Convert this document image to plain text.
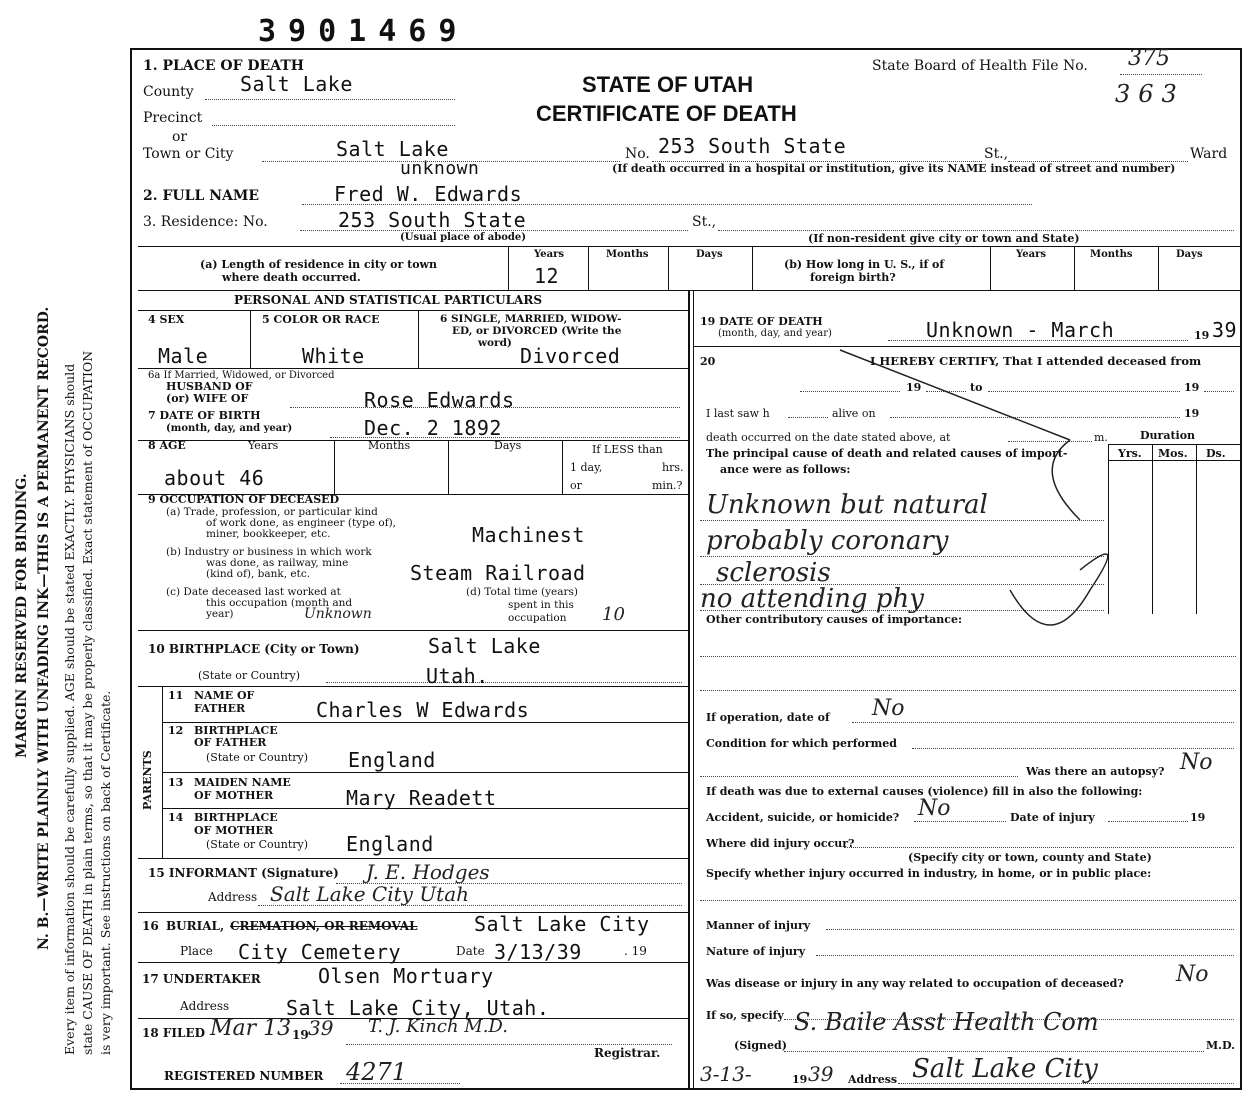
MARGIN RESERVED FOR BINDING. N. B.—WRITE PLAINLY WITH UNFADING INK—THIS IS A PERMANENT RECORD. Every item of information should be carefully supplied. AGE should be stated EXACTLY. PHYSICIANS should state CAUSE OF DEATH in plain terms, so that it may be properly classified. Exact statement of OCCUPATION is very important. See instructions on back of Certificate.
3901469
1. PLACE OF DEATH
STATE OF UTAH
CERTIFICATE OF DEATH
State Board of Health File No. 375
363
County Salt Lake
Precinct
or
Town or City	Salt Lake	No. 253 South State	St.,	Ward
unknown	(If death occurred in a hospital or institution, give its NAME instead of street and number)
2. FULL NAME	Fred W. Edwards
3. Residence: No.	253 South State	St.,
(Usual place of abode)	(If non-resident give city or town and State)
(a) Length of residence in city or town
where death occurred.
Years	Months	Days
12	(b) How long in U. S., if of
foreign birth?
Years	Months	Days
PERSONAL AND STATISTICAL PARTICULARS
4 SEX	5 COLOR OR RACE	6 SINGLE, MARRIED, WIDOW-
ED, or DIVORCED (Write the
word)
Male	White	Divorced
6a If Married, Widowed, or Divorced
HUSBAND OF
(or) WIFE OF	Rose Edwards
7 DATE OF BIRTH
(month, day, and year)	Dec. 2 1892
8 AGE	Years	Months	Days	If LESS than
1 day,	hrs.
or	min.?
about 46
9 OCCUPATION OF DECEASED
(a) Trade, profession, or particular kind
of work done, as engineer (type of),
miner, bookkeeper, etc.	Machinest
(b) Industry or business in which work
was done, as railway, mine
(kind of), bank, etc.	Steam Railroad
(c) Date deceased last worked at
this occupation (month and
year)	Unknown
(d) Total time (years)
spent in this
occupation 10
10 BIRTHPLACE (City or Town)	Salt Lake
(State or Country)	Utah.
PARENTS
11 NAME OF
FATHER	Charles W Edwards
12 BIRTHPLACE
OF FATHER
(State or Country) England
13 MAIDEN NAME
OF MOTHER	Mary Readett
14 BIRTHPLACE
OF MOTHER
(State or Country) England
15 INFORMANT (Signature) J. E. Hodges
Address Salt Lake City Utah
16 BURIAL, CREMATION, OR REMOVAL	Salt Lake City
Place City Cemetery	Date 3/13/39	. 19
17 UNDERTAKER	Olsen Mortuary
Address	Salt Lake City, Utah.
18 FILED Mar 13 19 39 T. J. Kinch M.D.
Registrar.
REGISTERED NUMBER 4271
19 DATE OF DEATH
(month, day, and year)	Unknown - March	19 39
20	I HEREBY CERTIFY, That I attended deceased from
19	to	19
I last saw h	alive on	19
death occurred on the date stated above, at	m.	Duration
The principal cause of death and related causes of import-
ance were as follows:
Yrs. Mos. Ds.
Unknown but natural
probably coronary
sclerosis
no attending phy
Other contributory causes of importance:
If operation, date of No
Condition for which performed
Was there an autopsy? No
If death was due to external causes (violence) fill in also the following:
Accident, suicide, or homicide? No	Date of injury	19
Where did injury occur?
(Specify city or town, county and State)
Specify whether injury occurred in industry, in home, or in public place:
Manner of injury
Nature of injury
Was disease or injury in any way related to occupation of deceased? No
If so, specify
(Signed)
S. Baile Asst Health Com
M.D.
3-13-	19 39 Address Salt Lake City
